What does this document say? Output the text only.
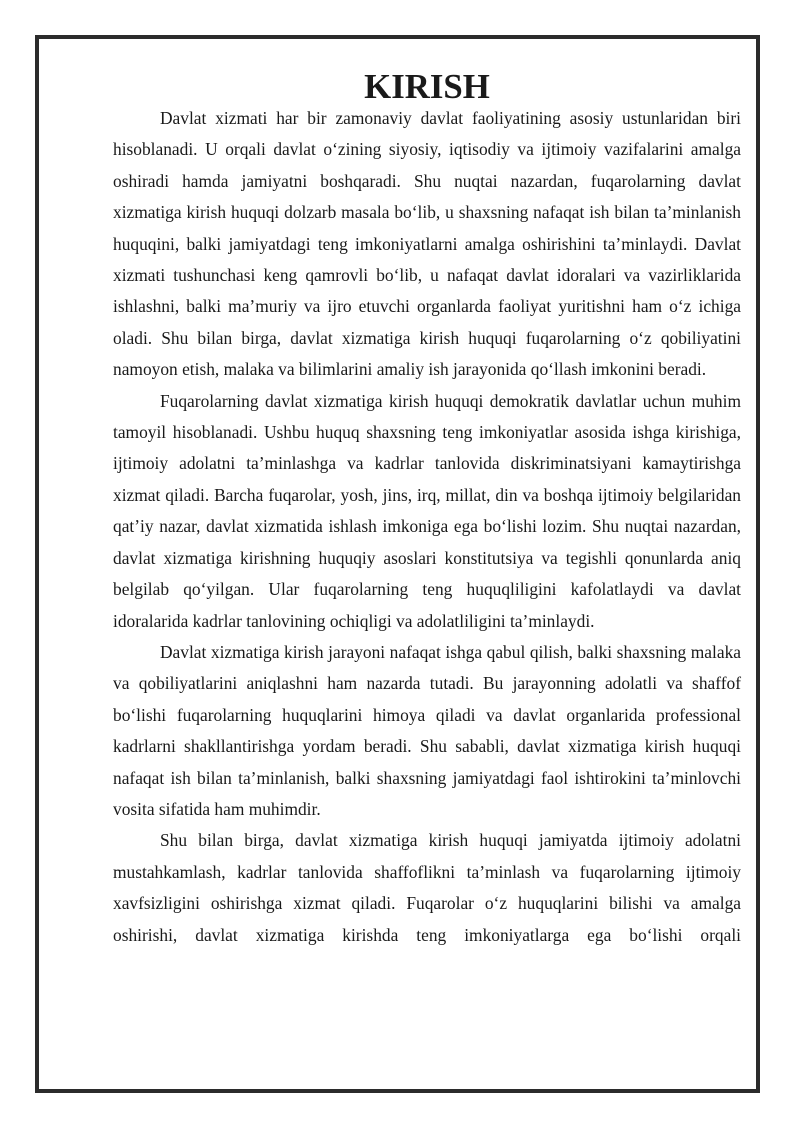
KIRISH

Davlat xizmati har bir zamonaviy davlat faoliyatining asosiy ustunlaridan biri hisoblanadi. U orqali davlat o‘zining siyosiy, iqtisodiy va ijtimoiy vazifalarini amalga oshiradi hamda jamiyatni boshqaradi. Shu nuqtai nazardan, fuqarolarning davlat xizmatiga kirish huquqi dolzarb masala bo‘lib, u shaxsning nafaqat ish bilan ta’minlanish huquqini, balki jamiyatdagi teng imkoniyatlarni amalga oshirishini ta’minlaydi. Davlat xizmati tushunchasi keng qamrovli bo‘lib, u nafaqat davlat idoralari va vazirliklarida ishlashni, balki ma’muriy va ijro etuvchi organlarda faoliyat yuritishni ham o‘z ichiga oladi. Shu bilan birga, davlat xizmatiga kirish huquqi fuqarolarning o‘z qobiliyatini namoyon etish, malaka va bilimlarini amaliy ish jarayonida qo‘llash imkonini beradi.

Fuqarolarning davlat xizmatiga kirish huquqi demokratik davlatlar uchun muhim tamoyil hisoblanadi. Ushbu huquq shaxsning teng imkoniyatlar asosida ishga kirishiga, ijtimoiy adolatni ta’minlashga va kadrlar tanlovida diskriminatsiyani kamaytirishga xizmat qiladi. Barcha fuqarolar, yosh, jins, irq, millat, din va boshqa ijtimoiy belgilaridan qat’iy nazar, davlat xizmatida ishlash imkoniga ega bo‘lishi lozim. Shu nuqtai nazardan, davlat xizmatiga kirishning huquqiy asoslari konstitutsiya va tegishli qonunlarda aniq belgilab qo‘yilgan. Ular fuqarolarning teng huquqliligini kafolatlaydi va davlat idoralarida kadrlar tanlovining ochiqligi va adolatliligini ta’minlaydi.

Davlat xizmatiga kirish jarayoni nafaqat ishga qabul qilish, balki shaxsning malaka va qobiliyatlarini aniqlashni ham nazarda tutadi. Bu jarayonning adolatli va shaffof bo‘lishi fuqarolarning huquqlarini himoya qiladi va davlat organlarida professional kadrlarni shakllantirishga yordam beradi. Shu sababli, davlat xizmatiga kirish huquqi nafaqat ish bilan ta’minlanish, balki shaxsning jamiyatdagi faol ishtirokini ta’minlovchi vosita sifatida ham muhimdir.

Shu bilan birga, davlat xizmatiga kirish huquqi jamiyatda ijtimoiy adolatni mustahkamlash, kadrlar tanlovida shaffoflikni ta’minlash va fuqarolarning ijtimoiy xavfsizligini oshirishga xizmat qiladi. Fuqarolar o‘z huquqlarini bilishi va amalga oshirishi, davlat xizmatiga kirishda teng imkoniyatlarga ega bo‘lishi orqali
